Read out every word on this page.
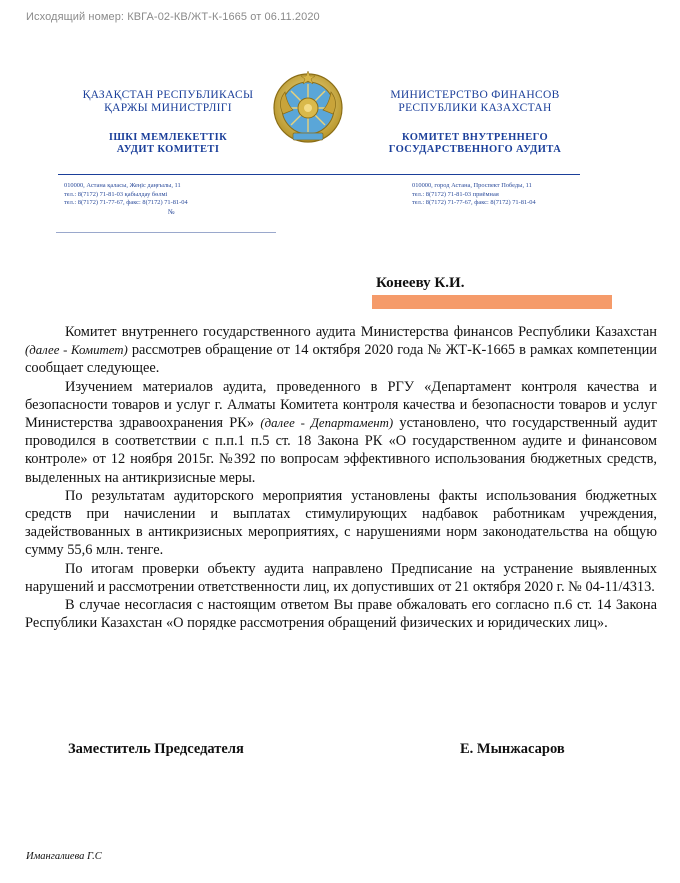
Исходящий номер: КВГА-02-КВ/ЖТ-К-1665 от 06.11.2020
ҚАЗАҚСТАН РЕСПУБЛИКАСЫ
ҚАРЖЫ МИНИСТРЛІГІ
ІШКІ МЕМЛЕКЕТТІК
АУДИТ КОМИТЕТІ
МИНИСТЕРСТВО ФИНАНСОВ
РЕСПУБЛИКИ КАЗАХСТАН
КОМИТЕТ ВНУТРЕННЕГО
ГОСУДАРСТВЕННОГО АУДИТА
010000, Астана қаласы, Жеңіс даңғылы, 11
тел.: 8(7172) 71-81-03 қабылдау бөлмі
тел.: 8(7172) 71-77-67, факс: 8(7172) 71-81-04
010000, город Астана, Проспект Победы, 11
тел.: 8(7172) 71-81-03 приёмная
тел.: 8(7172) 71-77-67, факс: 8(7172) 71-81-04
№
Конееву К.И.

Комитет внутреннего государственного аудита Министерства финансов Республики Казахстан (далее - Комитет) рассмотрев обращение от 14 октября 2020 года № ЖТ-К-1665 в рамках компетенции сообщает следующее.

Изучением материалов аудита, проведенного в РГУ «Департамент контроля качества и безопасности товаров и услуг г. Алматы Комитета контроля качества и безопасности товаров и услуг Министерства здравоохранения РК» (далее - Департамент) установлено, что государственный аудит проводился в соответствии с п.п.1 п.5 ст. 18 Закона РК «О государственном аудите и финансовом контроле» от 12 ноября 2015г. №392 по вопросам эффективного использования бюджетных средств, выделенных на антикризисные меры.

По результатам аудиторского мероприятия установлены факты использования бюджетных средств при начислении и выплатах стимулирующих надбавок работникам учреждения, задействованных в антикризисных мероприятиях, с нарушениями норм законодательства на общую сумму 55,6 млн. тенге.

По итогам проверки объекту аудита направлено Предписание на устранение выявленных нарушений и рассмотрении ответственности лиц, их допустивших от 21 октября 2020 г. № 04-11/4313.

В случае несогласия с настоящим ответом Вы праве обжаловать его согласно п.6 ст. 14 Закона Республики Казахстан «О порядке рассмотрения обращений физических и юридических лиц».

Заместитель Председателя	Е. Мынжасаров
Имангалиева Г.С
